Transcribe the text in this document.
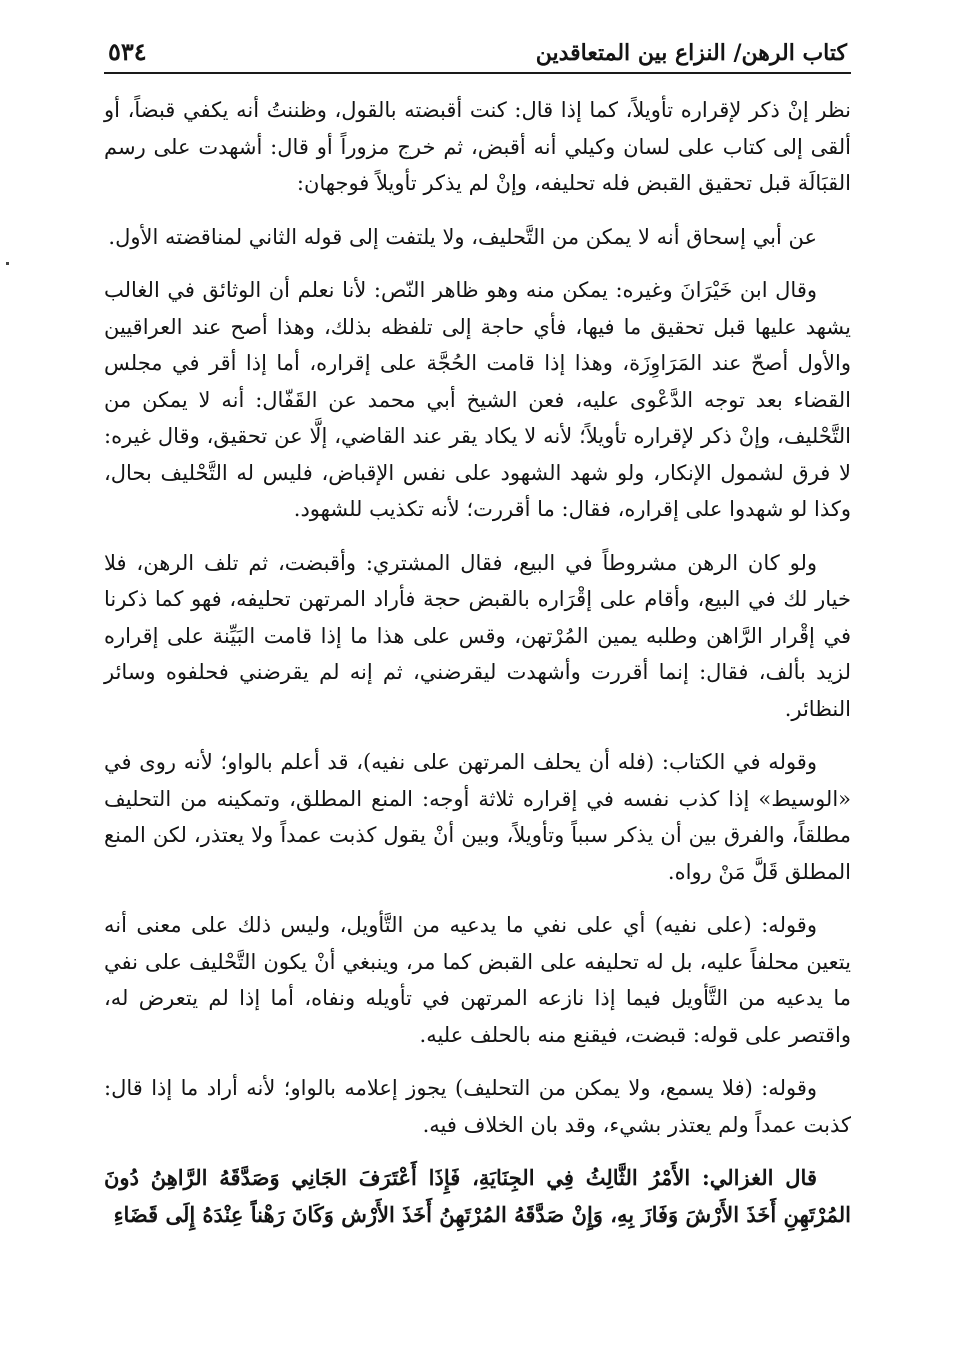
كتاب الرهن/ النزاع بين المتعاقدين
٥٣٤

نظر إنْ ذكر لإقراره تأويلاً، كما إذا قال: كنت أقبضته بالقول، وظننتُ أنه يكفي قبضاً، أو ألقى إلى كتاب على لسان وكيلي أنه أقبض، ثم خرج مزوراً أو قال: أشهدت على رسم القبَالَة قبل تحقيق القبض فله تحليفه، وإنْ لم يذكر تأويلاً فوجهان:

عن أبي إسحاق أنه لا يمكن من التَّحليف، ولا يلتفت إلى قوله الثاني لمناقضته الأول.

وقال ابن خَيْرَانَ وغيره: يمكن منه وهو ظاهر النّص: لأنا نعلم أن الوثائق في الغالب يشهد عليها قبل تحقيق ما فيها، فأي حاجة إلى تلفظه بذلك، وهذا أصح عند العراقيين والأول أصحّ عند المَرَاوِزَة، وهذا إذا قامت الحُجَّة على إقراره، أما إذا أقر في مجلس القضاء بعد توجه الدَّعْوى عليه، فعن الشيخ أبي محمد عن القَفّال: أنه لا يمكن من التَّحْليف، وإنْ ذكر لإقراره تأويلاً؛ لأنه لا يكاد يقر عند القاضي، إلَّا عن تحقيق، وقال غيره: لا فرق لشمول الإنكار، ولو شهد الشهود على نفس الإقباض، فليس له التَّحْليف بحال، وكذا لو شهدوا على إقراره، فقال: ما أقررت؛ لأنه تكذيب للشهود.

ولو كان الرهن مشروطاً في البيع، فقال المشتري: وأقبضت، ثم تلف الرهن، فلا خيار لك في البيع، وأقام على إقْرَاره بالقبض حجة فأراد المرتهن تحليفه، فهو كما ذكرنا في إقْرار الرَّاهن وطلبه يمين المُرْتهن، وقس على هذا ما إذا قامت البَيِّنة على إقراره لزيد بألف، فقال: إنما أقررت وأشهدت ليقرضني، ثم إنه لم يقرضني فحلفوه وسائر النظائر.

وقوله في الكتاب: (فله أن يحلف المرتهن على نفيه)، قد أعلم بالواو؛ لأنه روى في «الوسيط» إذا كذب نفسه في إقراره ثلاثة أوجه: المنع المطلق، وتمكينه من التحليف مطلقاً، والفرق بين أن يذكر سبباً وتأويلاً، وبين أنْ يقول كذبت عمداً ولا يعتذر، لكن المنع المطلق قَلَّ مَنْ رواه.

وقوله: (على نفيه) أي على نفي ما يدعيه من التَّأويل، وليس ذلك على معنى أنه يتعين محلفاً عليه، بل له تحليفه على القبض كما مر، وينبغي أنْ يكون التَّحْليف على نفي ما يدعيه من التَّأويل فيما إذا نازعه المرتهن في تأويله ونفاه، أما إذا لم يتعرض له، واقتصر على قوله: قبضت، فيقنع منه بالحلف عليه.

وقوله: (فلا يسمع، ولا يمكن من التحليف) يجوز إعلامه بالواو؛ لأنه أراد ما إذا قال: كذبت عمداً ولم يعتذر بشيء، وقد بان الخلاف فيه.

قال الغزالي: الأَمْرُ الثَّالِثُ فِي الجِنَايَةِ، فَإِذَا أَعْتَرَفَ الجَانِي وَصَدَّقَهُ الرَّاهِنُ دُونَ المُرْتَهِنِ أَخَذَ الأَرْشَ وَفَازَ بِهِ، وَإِنْ صَدَّقَهُ المُرْتَهِنُ أَخَذَ الأَرْش وَكَانَ رَهْناً عِنْدَهُ إِلَى قَضَاءِ
